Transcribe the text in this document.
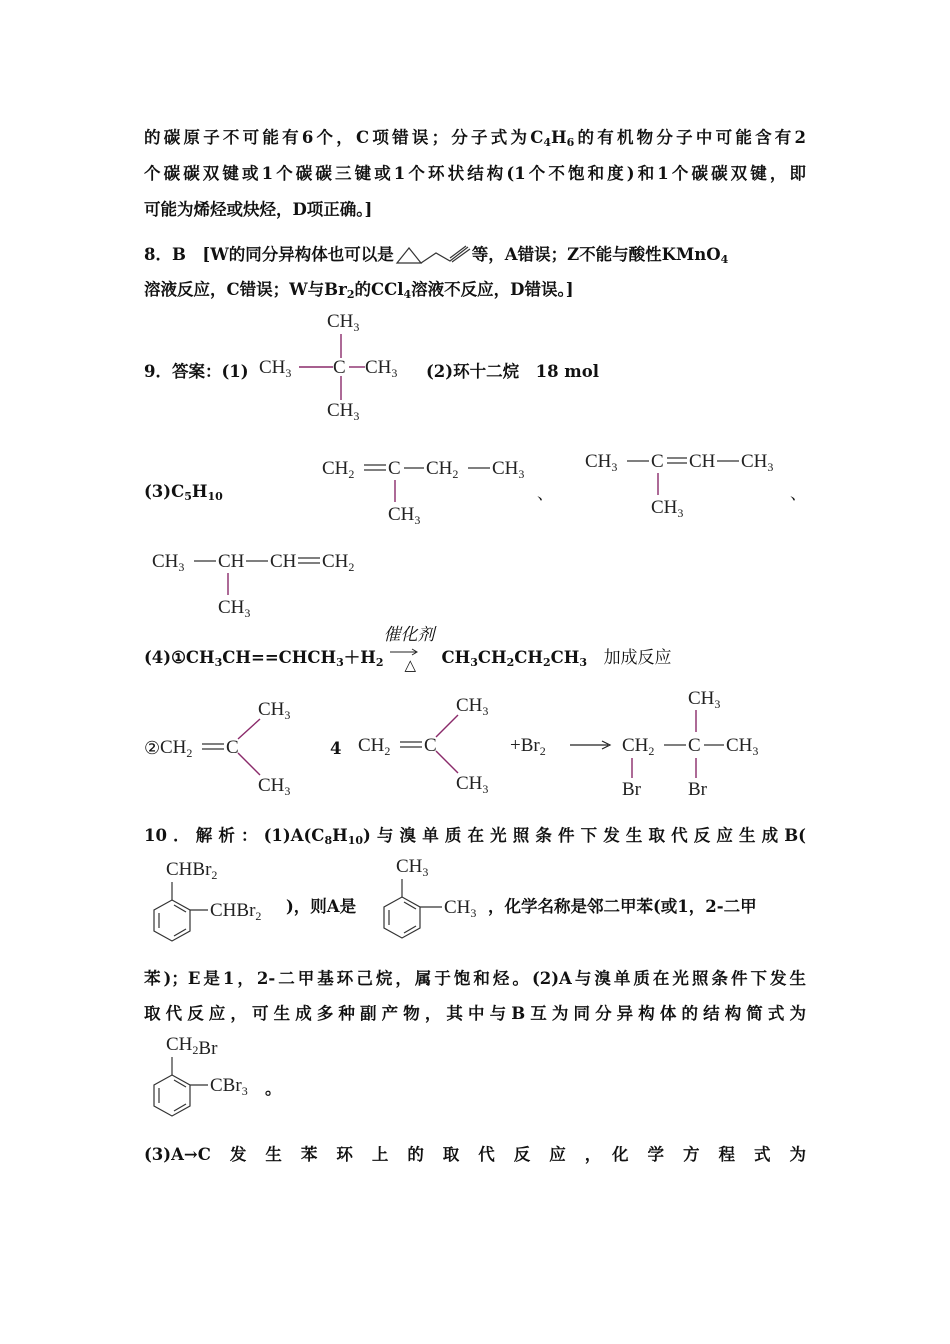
的碳原子不可能有6个，C项错误；分子式为$C_4H_6$的有机物分子中可能含有2
个碳碳双键或1个碳碳三键或1个环状结构(1个不饱和度)和1个碳碳双键，即
可能为烯烃或炔烃，D项正确。]
8．B　[W的同分异构体也可以是	等，A错误；Z不能与酸性KMnO$_4$
溶液反应，C错误；W与$Br_2$的CCl$_4$溶液不反应，D错误。]
9．答案：(1)
$CH_3$
$CH_3$ C $CH_3$
$CH_3$
(2)环十二烷　18 mol
$(3)C_5H_{10}$
$CH_2$ C $CH_2$ $CH_3$
$CH_3$
、
$CH_3$ C CH $CH_3$
$CH_3$
、
$CH_3$ CH CH $CH_2$
$CH_3$
$(4)①CH_3CH==CHCH_3+H_2$
催化剂
△ $CH_3CH_2CH_2CH_3$　 加成反应
② $CH_2$ C
$CH_3$
$CH_3$
4 $CH_2$ C
$CH_3$
$CH_3$
$+Br_2$	$CH_2$ C $CH_3$
$CH_3$
Br Br
10．解析：$(1)A(C_8H_{10})$与溴单质在光照条件下发生取代反应生成B(
CHBr$_2$
CHBr$_2$ )，则A是
$CH_3$
$CH_3$ ，化学名称是邻二甲苯(或1，2-二甲
苯)；E是1，2-二甲基环己烷，属于饱和烃。(2)A与溴单质在光照条件下发生
取代反应，可生成多种副产物，其中与B互为同分异构体的结构简式为
$CH_2Br$
CBr$_3$ 。
(3)A→C　发　生　苯　环　上　的　取　代　反　应　，　化　学　方　程　式　为
